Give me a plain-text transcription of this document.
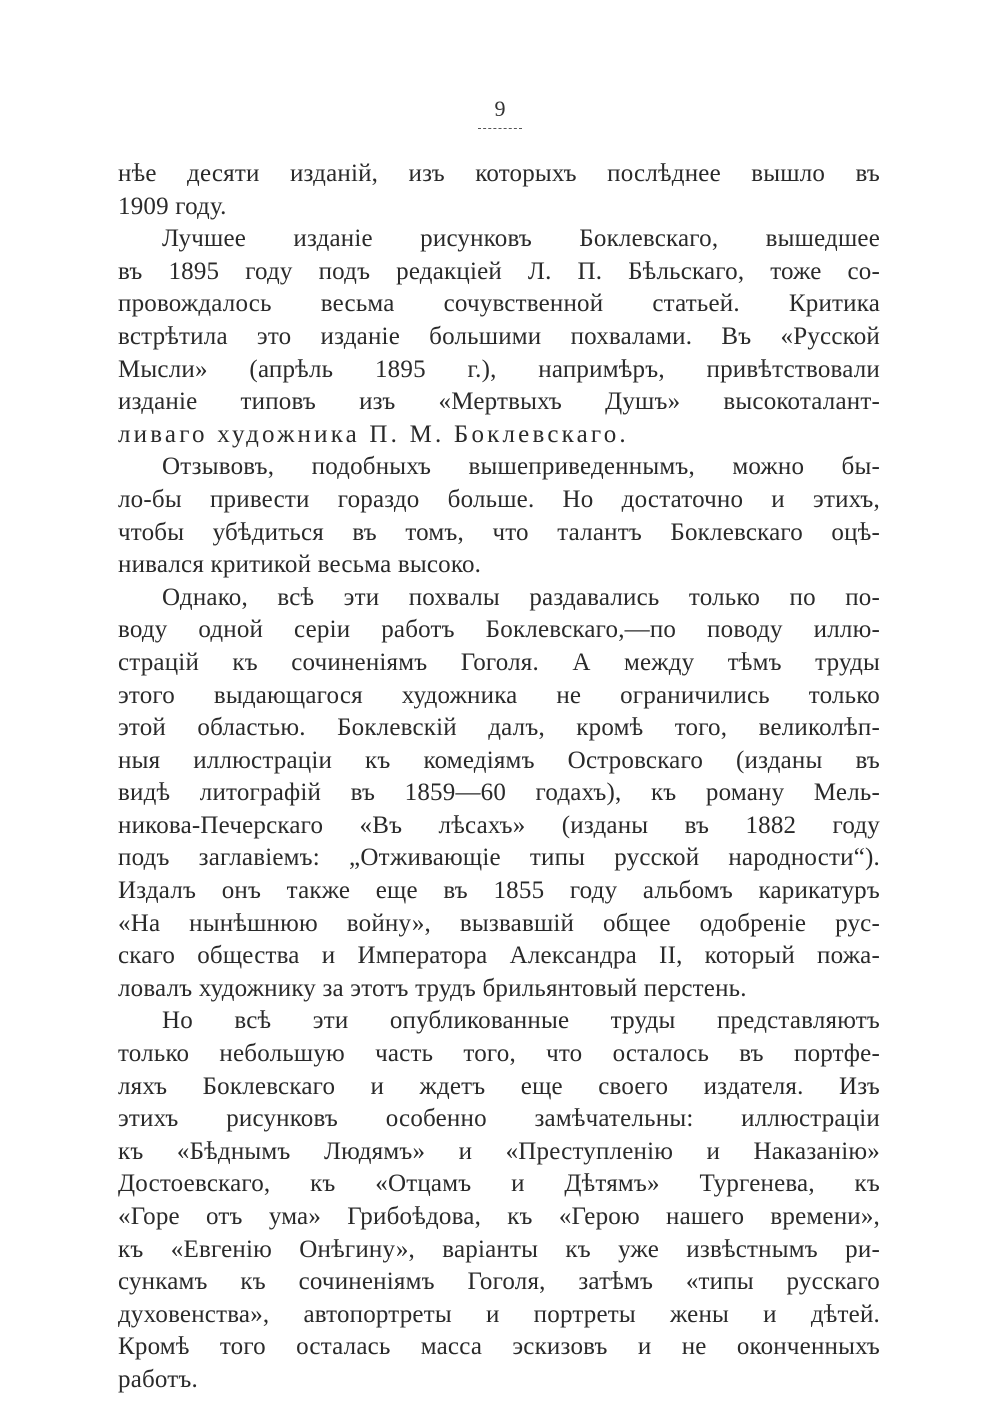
9
нѣе десяти изданій, изъ которыхъ послѣднее вышло въ
1909 году.
Лучшее изданіе рисунковъ Боклевскаго, вышедшее
въ 1895 году подъ редакціей Л. П. Бѣльскаго, тоже со-
провождалось весьма сочувственной статьей. Критика
встрѣтила это изданіе большими похвалами. Въ «Русской
Мысли» (апрѣль 1895 г.), напримѣръ, привѣтствовали
изданіе типовъ изъ «Мертвыхъ Душъ» высокоталант-
ливаго художника П. М. Боклевскаго.
Отзывовъ, подобныхъ вышеприведеннымъ, можно бы-
ло-бы привести гораздо больше. Но достаточно и этихъ,
чтобы убѣдиться въ томъ, что талантъ Боклевскаго оцѣ-
нивался критикой весьма высоко.
Однако, всѣ эти похвалы раздавались только по по-
воду одной серіи работъ Боклевскаго,—по поводу иллю-
страцій къ сочиненіямъ Гоголя. А между тѣмъ труды
этого выдающагося художника не ограничились только
этой областью. Боклевскій далъ, кромѣ того, великолѣп-
ныя иллюстраціи къ комедіямъ Островскаго (изданы въ
видѣ литографій въ 1859—60 годахъ), къ роману Мель-
никова-Печерскаго «Въ лѣсахъ» (изданы въ 1882 году
подъ заглавіемъ: „Отживающіе типы русской народности“).
Издалъ онъ также еще въ 1855 году альбомъ карикатуръ
«На нынѣшнюю войну», вызвавшій общее одобреніе рус-
скаго общества и Императора Александра II, который пожа-
ловалъ художнику за этотъ трудъ брильянтовый перстень.
Но всѣ эти опубликованные труды представляютъ
только небольшую часть того, что осталось въ портфе-
ляхъ Боклевскаго и ждетъ еще своего издателя. Изъ
этихъ рисунковъ особенно замѣчательны: иллюстраціи
къ «Бѣднымъ Людямъ» и «Преступленію и Наказанію»
Достоевскаго, къ «Отцамъ и Дѣтямъ» Тургенева, къ
«Горе отъ ума» Грибоѣдова, къ «Герою нашего времени»,
къ «Евгенію Онѣгину», варіанты къ уже извѣстнымъ ри-
сункамъ къ сочиненіямъ Гоголя, затѣмъ «типы русскаго
духовенства», автопортреты и портреты жены и дѣтей.
Кромѣ того осталась масса эскизовъ и не оконченныхъ
работъ.
